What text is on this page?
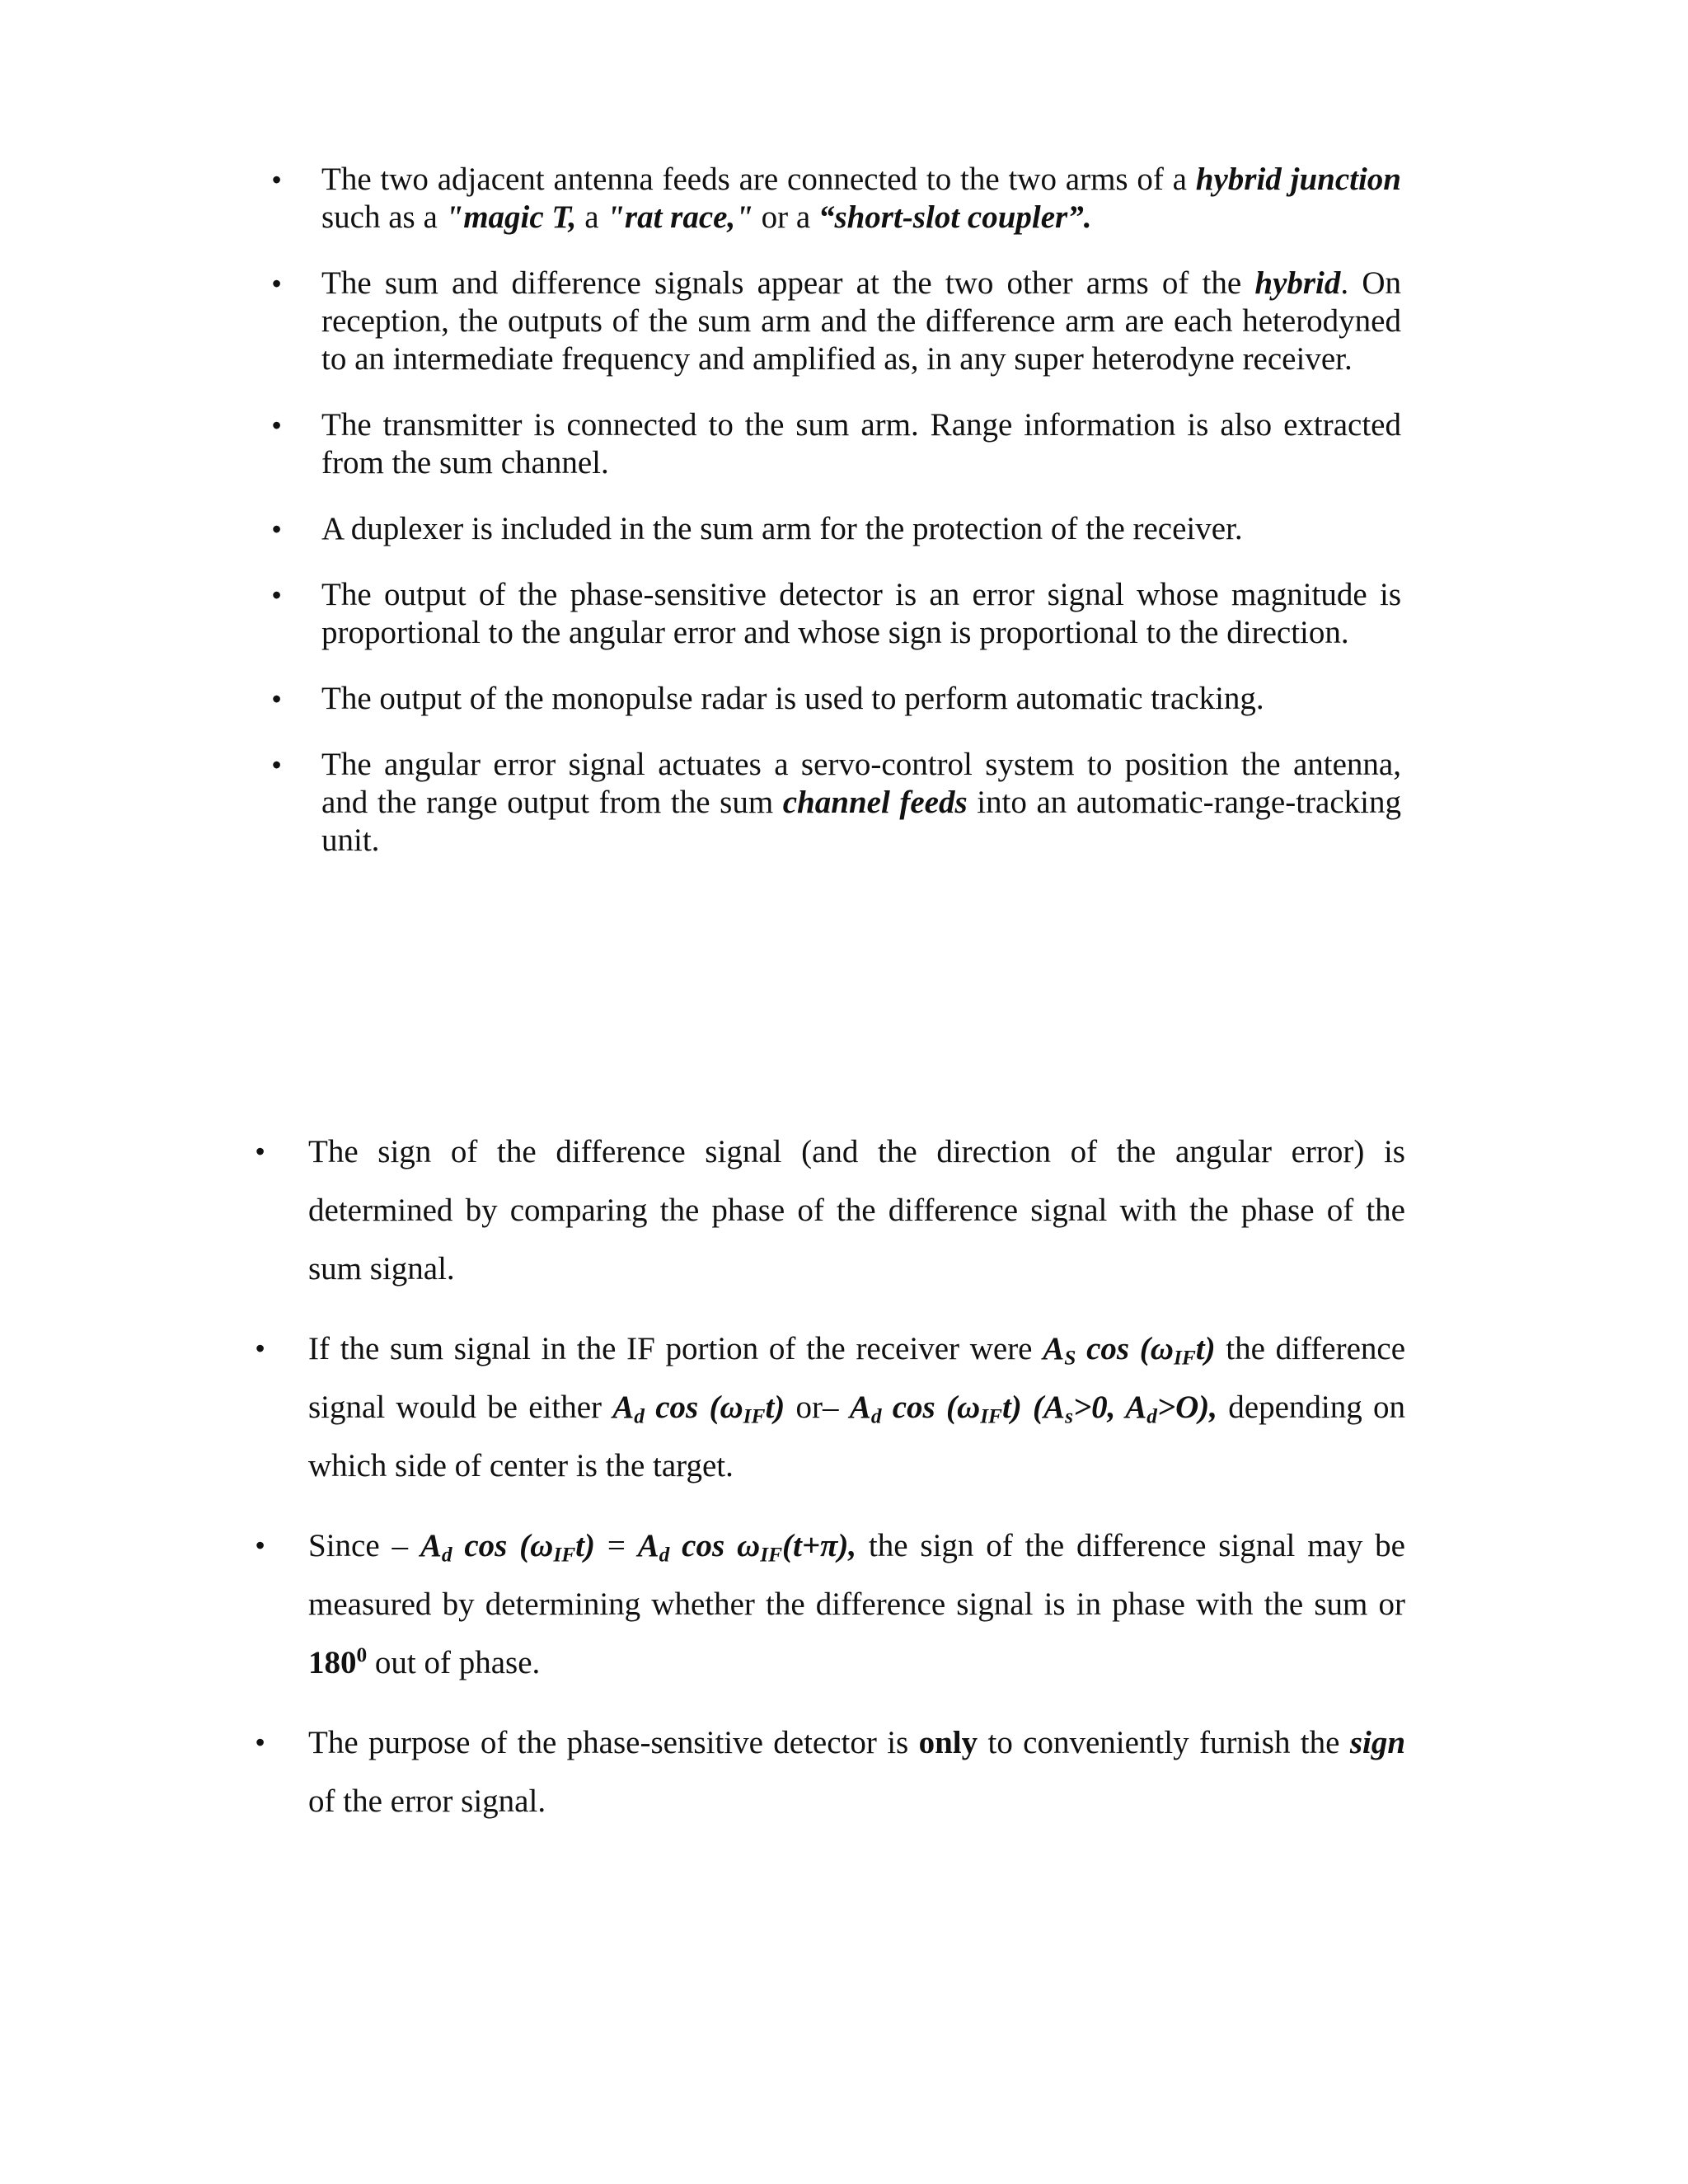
• The two adjacent antenna feeds are connected to the two arms of a hybrid junction such as a "magic T, a "rat race," or a “short-slot coupler”.
• The sum and difference signals appear at the two other arms of the hybrid. On reception, the outputs of the sum arm and the difference arm are each heterodyned to an intermediate frequency and amplified as, in any super heterodyne receiver.
• The transmitter is connected to the sum arm. Range information is also extracted from the sum channel.
• A duplexer is included in the sum arm for the protection of the receiver.
• The output of the phase-sensitive detector is an error signal whose magnitude is proportional to the angular error and whose sign is proportional to the direction.
• The output of the monopulse radar is used to perform automatic tracking.
• The angular error signal actuates a servo-control system to position the antenna, and the range output from the sum channel feeds into an automatic-range-tracking unit.
• The sign of the difference signal (and the direction of the angular error) is determined by comparing the phase of the difference signal with the phase of the sum signal.
• If the sum signal in the IF portion of the receiver were $A_S$ $\cos (\omega_{IF}t)$ the difference signal would be either $A_d$ $\cos (\omega_{IF}t)$ or– $A_d$ $\cos (\omega_{IF}t)$ ($A_s>0$, $A_d>O$), depending on which side of center is the target.
• Since – $A_d$ $\cos (\omega_{IF}t) = A_d$ $\cos \omega_{IF}(t+\pi)$, the sign of the difference signal may be measured by determining whether the difference signal is in phase with the sum or $180^0$ out of phase.
• The purpose of the phase-sensitive detector is only to conveniently furnish the sign of the error signal.
